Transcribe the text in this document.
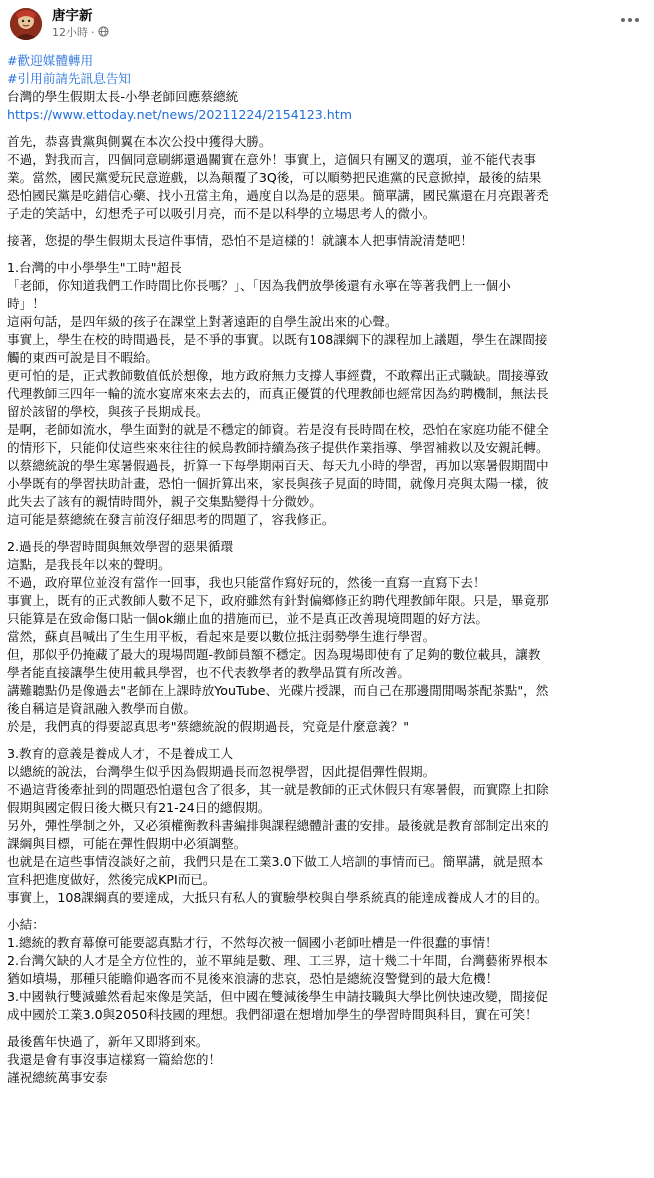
唐宇新
12小時 ·
#歡迎媒體轉用
#引用前請先訊息告知
台灣的學生假期太長-小學老師回應蔡總統
https://www.ettoday.net/news/20211224/2154123.htm
首先，恭喜貴黨與側翼在本次公投中獲得大勝。
不過，對我而言，四個同意刷綁還過關實在意外！事實上，這個只有團叉的選項，並不能代表事
業。當然，國民黨愛玩民意遊戲，以為顛覆了3Q後，可以順勢把民進黨的民意掀掉，最後的結果
恐怕國民黨是吃錯信心藥、找小丑當主角，過度自以為是的惡果。簡單講，國民黨還在月亮跟著禿
子走的笑話中，幻想禿子可以吸引月亮，而不是以科學的立場思考人的微小。
接著，您提的學生假期太長這件事情，恐怕不是這樣的！就讓本人把事情說清楚吧！
1.台灣的中小學學生"工時"超長
「老師，你知道我們工作時間比你長嗎？」、「因為我們放學後還有永寧在等著我們上一個小
時」！
這兩句話，是四年級的孩子在課堂上對著遠距的自學生說出來的心聲。
事實上，學生在校的時間過長，是不爭的事實。以既有108課綱下的課程加上議題，學生在課間接
觸的東西可說是目不暇給。
更可怕的是，正式教師數值低於想像，地方政府無力支撐人事經費，不敢釋出正式職缺。間接導致
代理教師三四年一輪的流水宴席來來去去的，而真正優質的代理教師也經常因為約聘機制，無法長
留於該留的學校，與孩子長期成長。
是啊，老師如流水，學生面對的就是不穩定的師資。若是沒有長時間在校，恐怕在家庭功能不健全
的情形下，只能仰仗這些來來往往的候鳥教師持續為孩子提供作業指導、學習補救以及安親託轉。
以蔡總統說的學生寒暑假過長，折算一下每學期兩百天、每天九小時的學習，再加以寒暑假期間中
小學既有的學習扶助計畫，恐怕一個折算出來，家長與孩子見面的時間，就像月亮與太陽一樣，彼
此失去了該有的親情時間外，親子交集點變得十分微妙。
這可能是蔡總統在發言前沒仔細思考的問題了，容我修正。
2.過長的學習時間與無效學習的惡果循環
這點，是我長年以來的聲明。
不過，政府單位並沒有當作一回事，我也只能當作寫好玩的，然後一直寫一直寫下去！
事實上，既有的正式教師人數不足下，政府雖然有針對偏鄉修正約聘代理教師年限。只是，畢竟那
只能算是在致命傷口貼一個ok繃止血的措施而已，並不是真正改善現境問題的好方法。
當然，蘇貞昌喊出了生生用平板，看起來是要以數位抵注弱勢學生進行學習。
但，那似乎仍掩藏了最大的現場問題-教師員額不穩定。因為現場即使有了足夠的數位載具，讓教
學者能直接讓學生使用載具學習，也不代表教學者的教學品質有所改善。
講難聽點仍是像過去"老師在上課時放YouTube、光碟片授課，而自己在那邊閒閒喝茶配茶點"，然
後自稱這是資訊融入教學而自傲。
於是，我們真的得要認真思考"蔡總統說的假期過長，究竟是什麼意義？"
3.教育的意義是養成人才，不是養成工人
以總統的說法，台灣學生似乎因為假期過長而忽視學習，因此提倡彈性假期。
不過這背後牽扯到的問題恐怕還包含了很多，其一就是教師的正式休假只有寒暑假，而實際上扣除
假期與國定假日後大概只有21-24日的總假期。
另外，彈性學制之外，又必須權衡教科書編排與課程總體計畫的安排。最後就是教育部制定出來的
課綱與目標，可能在彈性假期中必須調整。
也就是在這些事情沒談好之前，我們只是在工業3.0下做工人培訓的事情而已。簡單講，就是照本
宣科把進度做好，然後完成KPI而已。
事實上，108課綱真的要達成，大抵只有私人的實驗學校與自學系統真的能達成養成人才的目的。
小結：
1.總統的教育幕僚可能要認真點才行，不然每次被一個國小老師吐槽是一件很蠢的事情！
2.台灣欠缺的人才是全方位性的，並不單純是數、理、工三界，這十幾二十年間，台灣藝術界根本
猶如墳場，那種只能瞻仰過客而不見後來浪濤的悲哀，恐怕是總統沒警覺到的最大危機！
3.中國執行雙減雖然看起來像是笑話，但中國在雙減後學生申請技職與大學比例快速改變，間接促
成中國於工業3.0與2050科技國的理想。我們卻還在想增加學生的學習時間與科目，實在可笑！
最後舊年快過了，新年又即將到來。
我還是會有事沒事這樣寫一篇給您的！
謹祝總統萬事安泰
